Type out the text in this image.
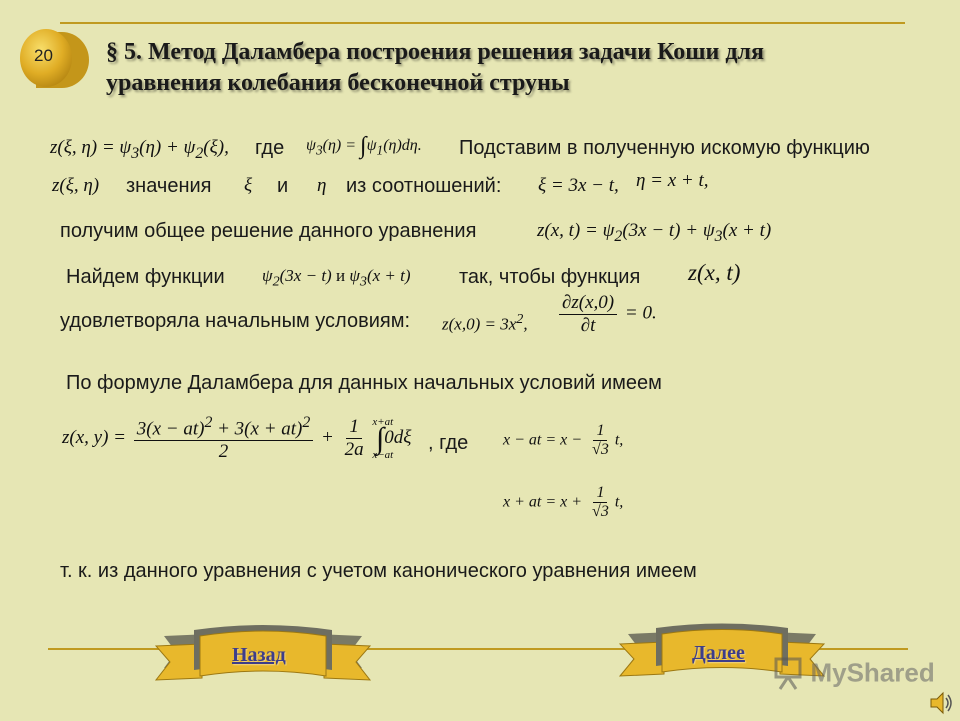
20 § 5. Метод Даламбера построения решения задачи Коши для
уравнения колебания бесконечной струны
z(ξ, $\eta) = \psi_3(\eta) + \psi_2(\xi)$, где $\psi_3(\eta) = \int\psi_1(\eta)d\eta$. Подставим в полученную искомую функцию
z(ξ, η) значения ξ и η из соотношений: ξ = 3x − t, η = x + t,
получим общее решение данного уравнения	z(x, $t) = \psi_2(3x - t) + \psi_3(x + t)$
Найдем функции $\psi_2(3x - t)$ и $\psi_3(x + t)$ так, чтобы функция z(x, t)
удовлетворяла начальным условиям: $z(x,0) = 3x^2$, $\frac{\partial z(x,0)}{\partial t} = 0$.
По формуле Даламбера для данных начальных условий имеем
z(x, $y) = \frac{3(x - at)^2 + 3(x + at)^2}{2} + \frac{1}{2a}$
x+at
x−at
∫0dξ , где x − at = $x - \frac{1}{√3} t$,
x + at = $x + \frac{1}{√3} t$,
т. к. из данного уравнения с учетом канонического уравнения имеем
Назад	Далее
MyShared
